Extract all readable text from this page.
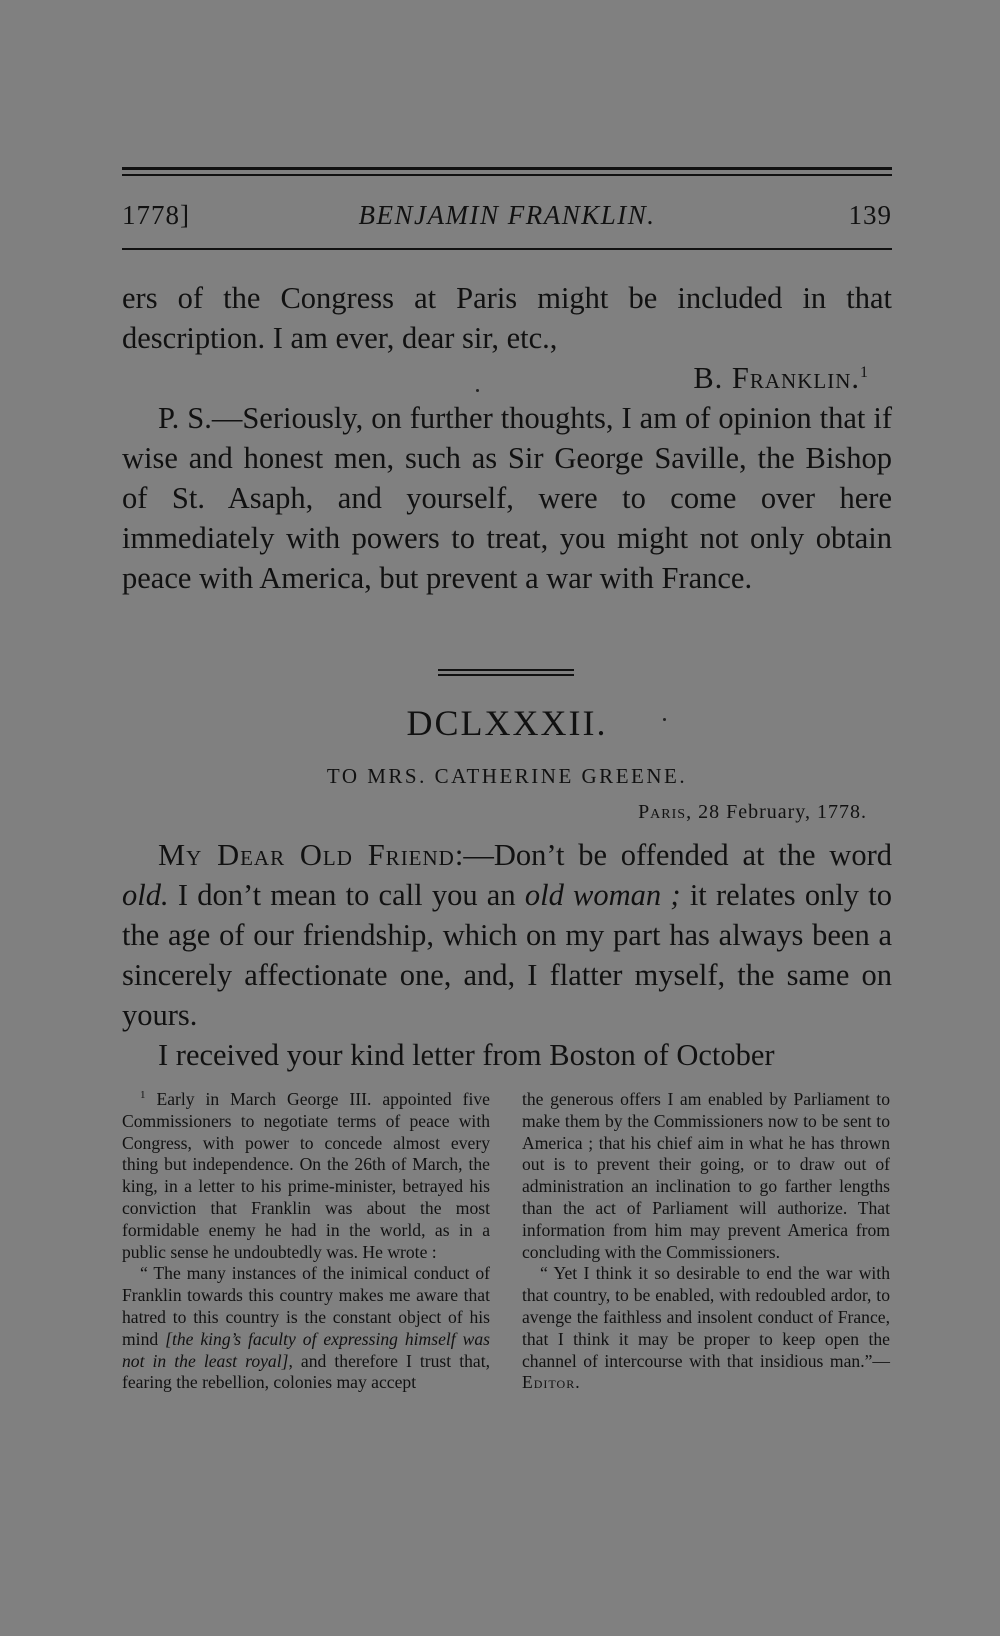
1778]	BENJAMIN FRANKLIN.	139

ers of the Congress at Paris might be included in that description. I am ever, dear sir, etc.,

B. Franklin.$^1$

P. S.—Seriously, on further thoughts, I am of opinion that if wise and honest men, such as Sir George Saville, the Bishop of St. Asaph, and yourself, were to come over here immediately with powers to treat, you might not only obtain peace with America, but prevent a war with France.

DCLXXXII.
TO MRS. CATHERINE GREENE.
Paris, 28 February, 1778.

My Dear Old Friend:—Don’t be offended at the word old. I don’t mean to call you an old woman ; it relates only to the age of our friendship, which on my part has always been a sincerely affectionate one, and, I flatter myself, the same on yours.

I received your kind letter from Boston of October

$^1$ Early in March George III. appointed five Commissioners to negotiate terms of peace with Congress, with power to concede almost every thing but independence. On the 26th of March, the king, in a letter to his prime-minister, betrayed his conviction that Franklin was about the most formidable enemy he had in the world, as in a public sense he undoubtedly was. He wrote :

“ The many instances of the inimical conduct of Franklin towards this country makes me aware that hatred to this country is the constant object of his mind [the king’s faculty of expressing himself was not in the least royal], and therefore I trust that, fearing the rebellion, colonies may accept

the generous offers I am enabled by Parliament to make them by the Commissioners now to be sent to America ; that his chief aim in what he has thrown out is to prevent their going, or to draw out of administration an inclination to go farther lengths than the act of Parliament will authorize. That information from him may prevent America from concluding with the Commissioners.

“ Yet I think it so desirable to end the war with that country, to be enabled, with redoubled ardor, to avenge the faithless and insolent conduct of France, that I think it may be proper to keep open the channel of intercourse with that insidious man.”—Editor.
